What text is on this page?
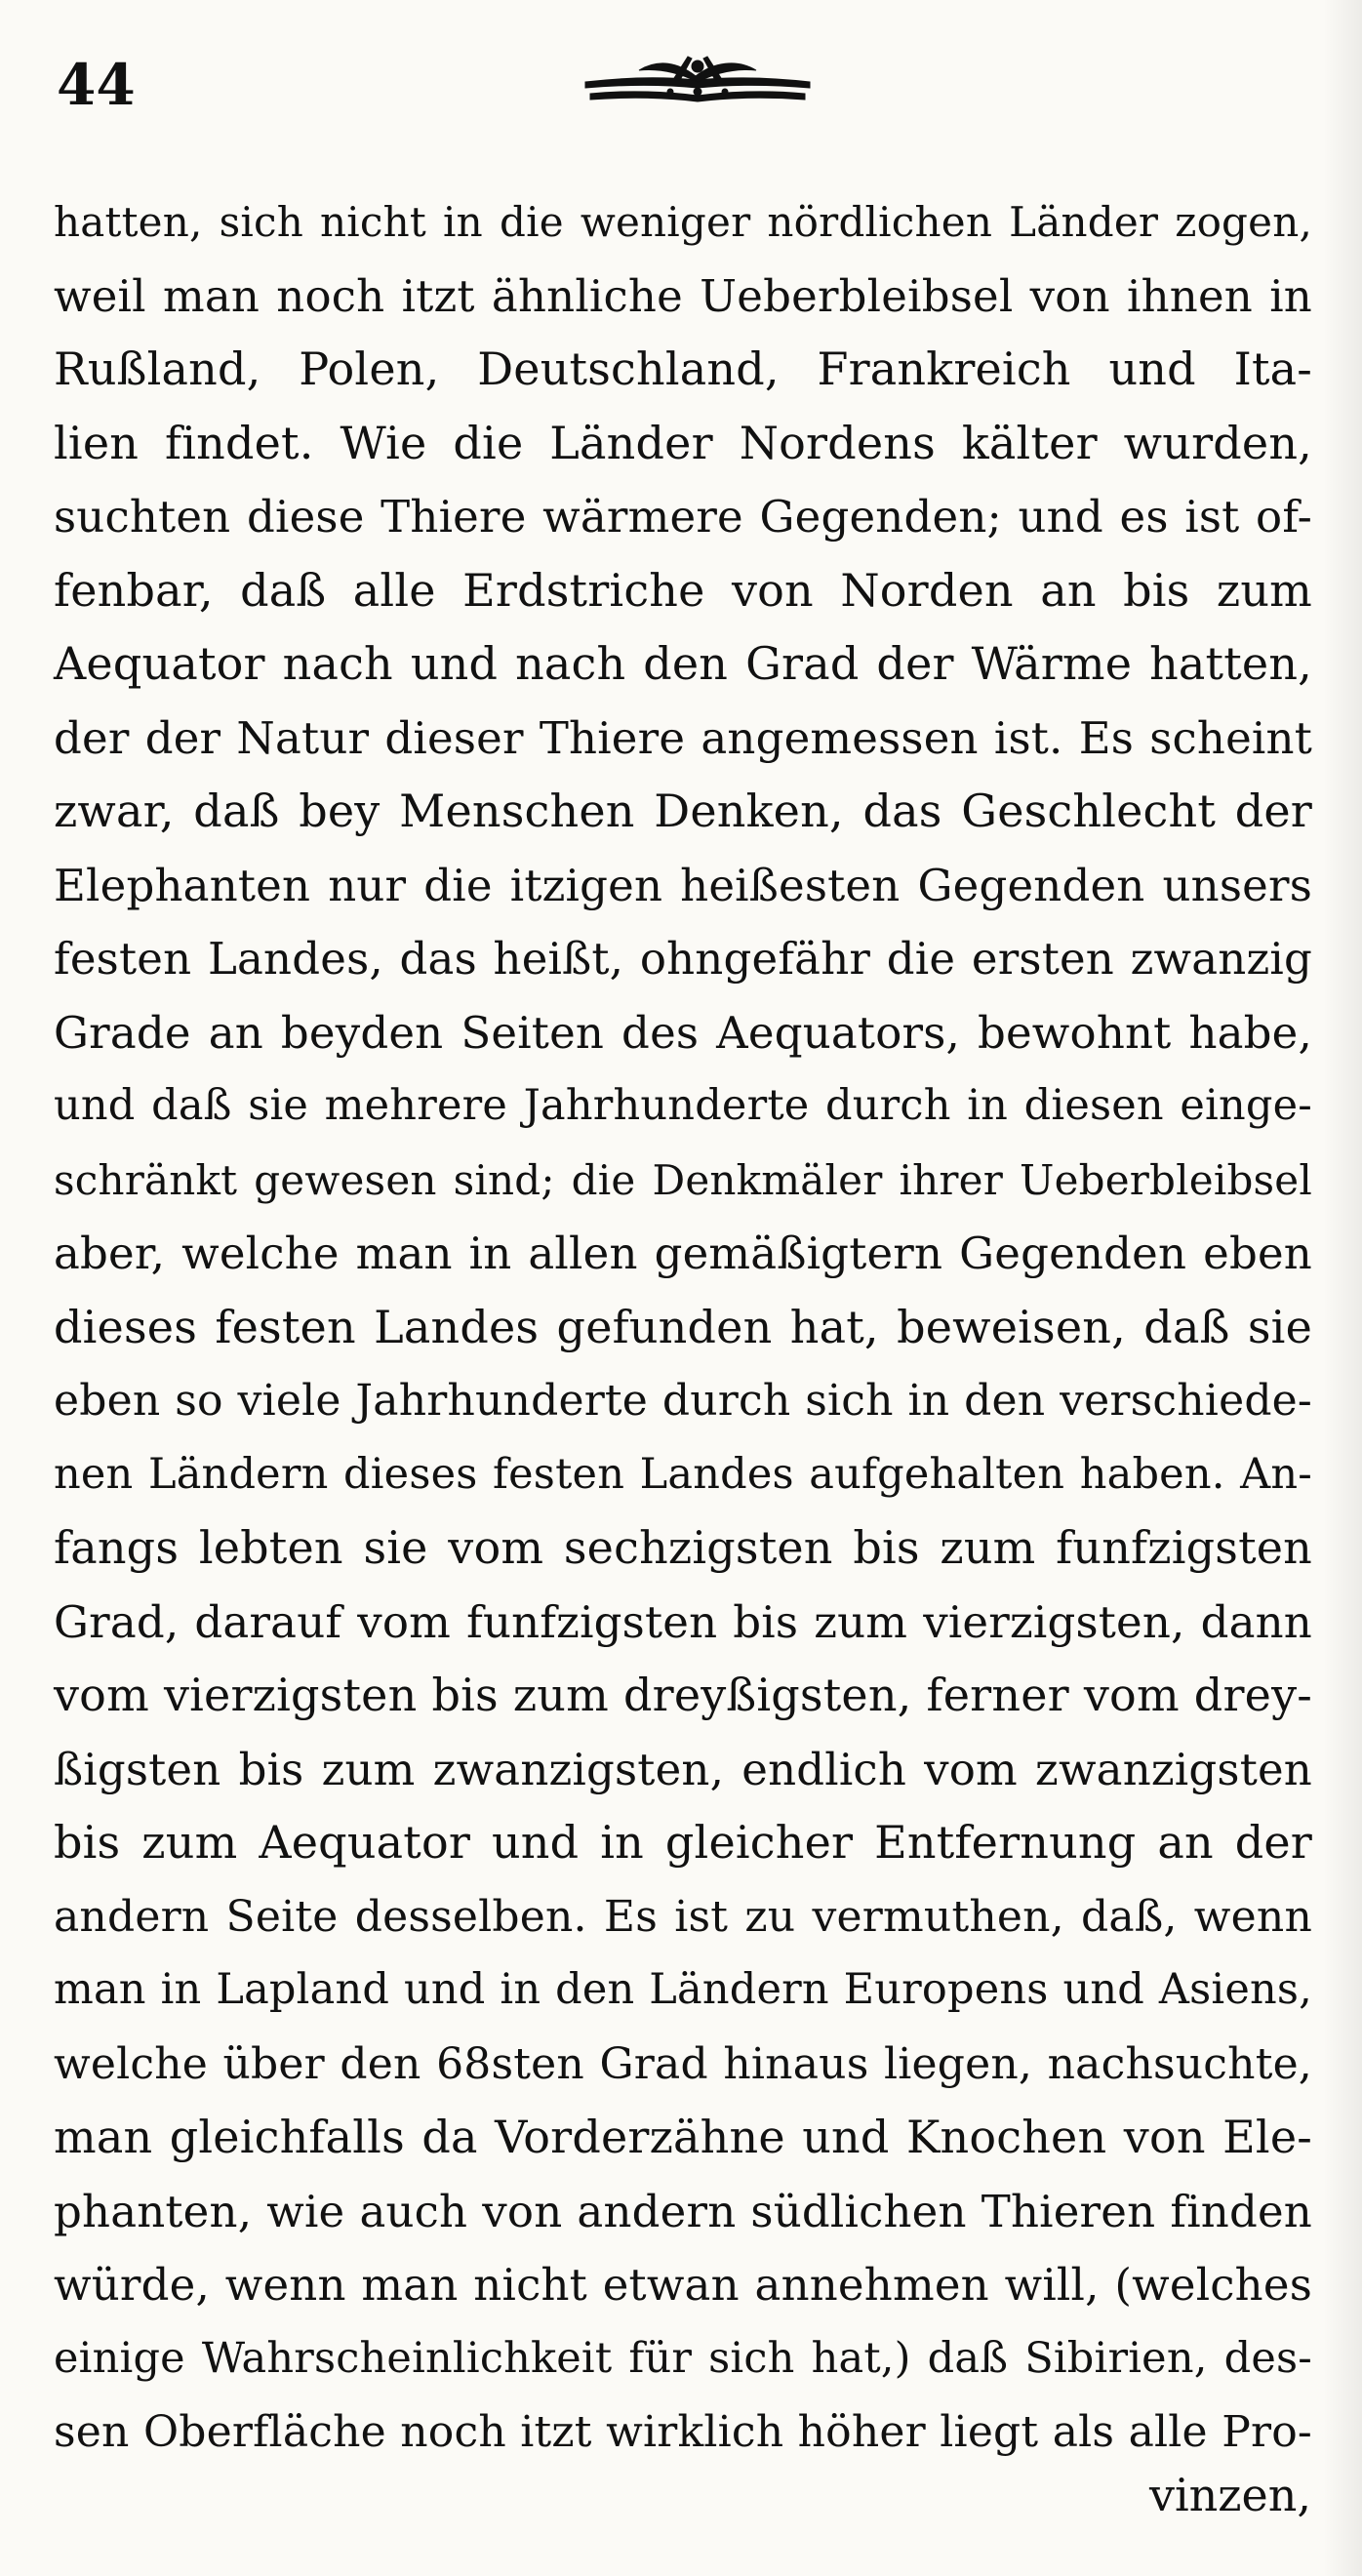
44
hatten, sich nicht in die weniger nördlichen Länder zogen,
weil man noch itzt ähnliche Ueberbleibsel von ihnen in
Rußland, Polen, Deutschland, Frankreich und Ita-
lien findet. Wie die Länder Nordens kälter wurden,
suchten diese Thiere wärmere Gegenden; und es ist of-
fenbar, daß alle Erdstriche von Norden an bis zum
Aequator nach und nach den Grad der Wärme hatten,
der der Natur dieser Thiere angemessen ist. Es scheint
zwar, daß bey Menschen Denken, das Geschlecht der
Elephanten nur die itzigen heißesten Gegenden unsers
festen Landes, das heißt, ohngefähr die ersten zwanzig
Grade an beyden Seiten des Aequators, bewohnt habe,
und daß sie mehrere Jahrhunderte durch in diesen einge-
schränkt gewesen sind; die Denkmäler ihrer Ueberbleibsel
aber, welche man in allen gemäßigtern Gegenden eben
dieses festen Landes gefunden hat, beweisen, daß sie
eben so viele Jahrhunderte durch sich in den verschiede-
nen Ländern dieses festen Landes aufgehalten haben. An-
fangs lebten sie vom sechzigsten bis zum funfzigsten
Grad, darauf vom funfzigsten bis zum vierzigsten, dann
vom vierzigsten bis zum dreyßigsten, ferner vom drey-
ßigsten bis zum zwanzigsten, endlich vom zwanzigsten
bis zum Aequator und in gleicher Entfernung an der
andern Seite desselben. Es ist zu vermuthen, daß, wenn
man in Lapland und in den Ländern Europens und Asiens,
welche über den 68sten Grad hinaus liegen, nachsuchte,
man gleichfalls da Vorderzähne und Knochen von Ele-
phanten, wie auch von andern südlichen Thieren finden
würde, wenn man nicht etwan annehmen will, (welches
einige Wahrscheinlichkeit für sich hat,) daß Sibirien, des-
sen Oberfläche noch itzt wirklich höher liegt als alle Pro-
vinzen,
